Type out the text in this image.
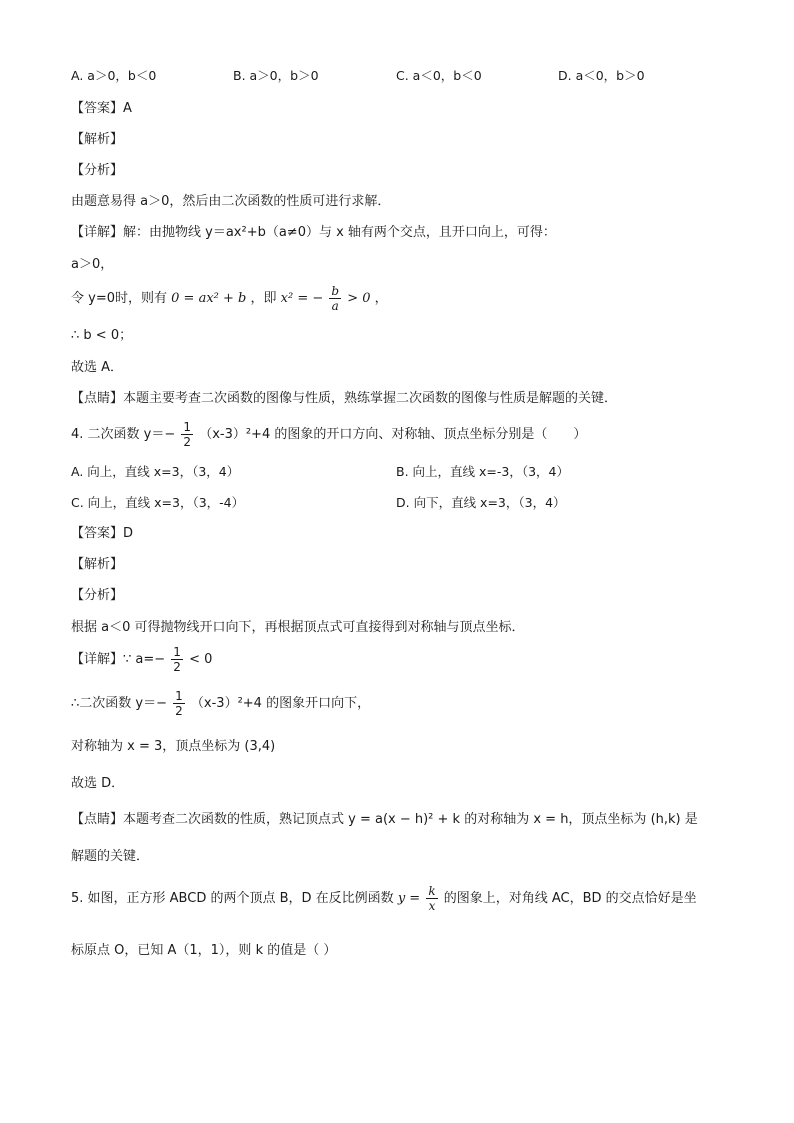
A. a＞0，b＜0	B. a＞0，b＞0	C. a＜0，b＜0	D. a＜0，b＞0
【答案】A
【解析】
【分析】
由题意易得 a＞0，然后由二次函数的性质可进行求解．
【详解】解：由抛物线 y＝ax²+b（a≠0）与 x 轴有两个交点，且开口向上，可得：
a＞0，
令 y=0时，则有 0 = ax² + b ，即 x² = − $\frac{b}{a} > 0$ ，
∴ b < 0；
故选 A．
【点睛】本题主要考查二次函数的图像与性质，熟练掌握二次函数的图像与性质是解题的关键．
4. 二次函数 $y=- \frac{1}{2} (x-3)^2+4$ 的图象的开口方向、对称轴、顶点坐标分别是（　　）
A. 向上，直线 x=3，（3，4）	B. 向上，直线 x=-3，（3，4）
C. 向上，直线 x=3，（3，-4）	D. 向下，直线 x=3，（3，4）
【答案】D
【解析】
【分析】
根据 a＜0 可得抛物线开口向下，再根据顶点式可直接得到对称轴与顶点坐标．
【详解】∵ $a=- \frac{1}{2} < 0$
∴二次函数 $y=- \frac{1}{2} (x-3)^2+4$ 的图象开口向下，
对称轴为 x = 3，顶点坐标为 (3,4)
故选 D．
【点睛】本题考查二次函数的性质，熟记顶点式 y = a(x − h)² + k 的对称轴为 x = h，顶点坐标为 (h,k) 是
解题的关键．
5. 如图，正方形 ABCD 的两个顶点 B，D 在反比例函数 $y = \frac{k}{x}$ 的图象上，对角线 AC，BD 的交点恰好是坐
标原点 O，已知 A（1，1），则 k 的值是（ ）
